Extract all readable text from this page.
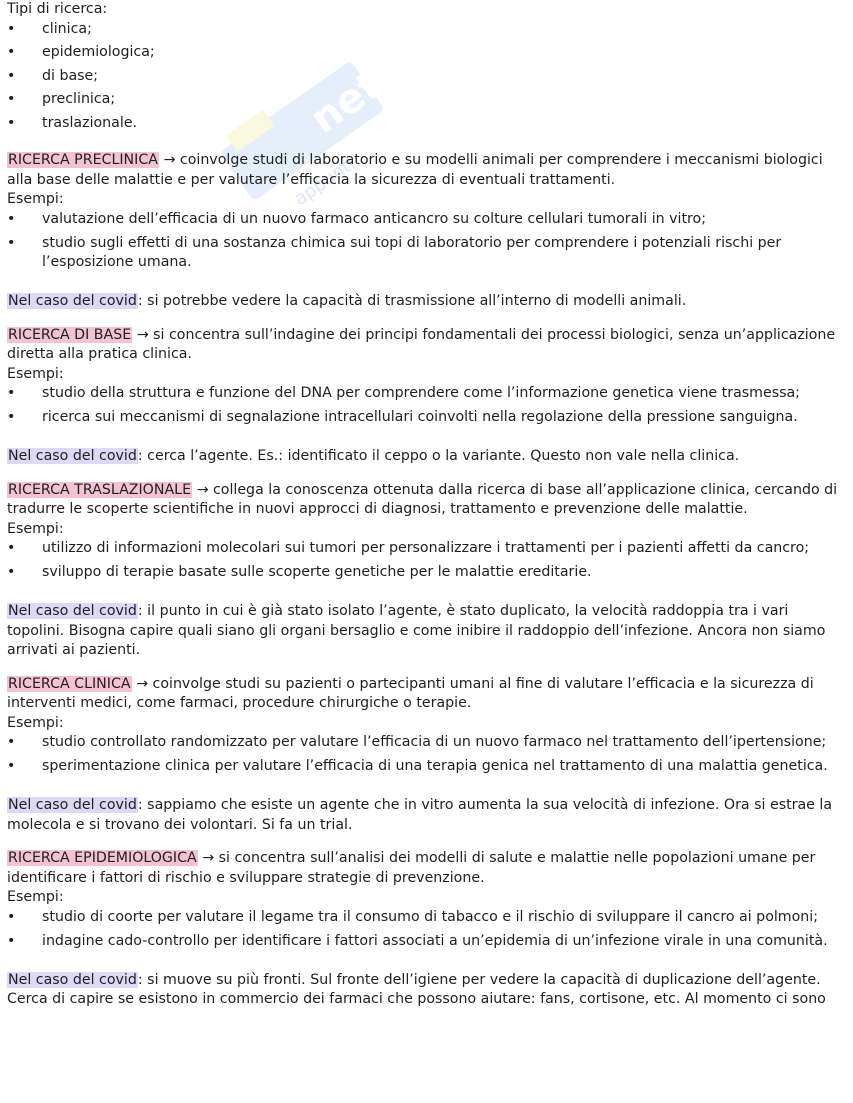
net
appunti

Tipi di ricerca:

• clinica;
• epidemiologica;
• di base;
• preclinica;
• traslazionale.

RICERCA PRECLINICA → coinvolge studi di laboratorio e su modelli animali per comprendere i meccanismi biologici alla base delle malattie e per valutare l’efficacia la sicurezza di eventuali trattamenti.

Esempi:

• valutazione dell’efficacia di un nuovo farmaco anticancro su colture cellulari tumorali in vitro;
• studio sugli effetti di una sostanza chimica sui topi di laboratorio per comprendere i potenziali rischi per l’esposizione umana.

Nel caso del covid: si potrebbe vedere la capacità di trasmissione all’interno di modelli animali.

RICERCA DI BASE → si concentra sull’indagine dei principi fondamentali dei processi biologici, senza un’applicazione diretta alla pratica clinica.

Esempi:

• studio della struttura e funzione del DNA per comprendere come l’informazione genetica viene trasmessa;
• ricerca sui meccanismi di segnalazione intracellulari coinvolti nella regolazione della pressione sanguigna.

Nel caso del covid: cerca l’agente. Es.: identificato il ceppo o la variante. Questo non vale nella clinica.

RICERCA TRASLAZIONALE → collega la conoscenza ottenuta dalla ricerca di base all’applicazione clinica, cercando di tradurre le scoperte scientifiche in nuovi approcci di diagnosi, trattamento e prevenzione delle malattie.

Esempi:

• utilizzo di informazioni molecolari sui tumori per personalizzare i trattamenti per i pazienti affetti da cancro;
• sviluppo di terapie basate sulle scoperte genetiche per le malattie ereditarie.

Nel caso del covid: il punto in cui è già stato isolato l’agente, è stato duplicato, la velocità raddoppia tra i vari topolini. Bisogna capire quali siano gli organi bersaglio e come inibire il raddoppio dell’infezione. Ancora non siamo arrivati ai pazienti.

RICERCA CLINICA → coinvolge studi su pazienti o partecipanti umani al fine di valutare l’efficacia e la sicurezza di interventi medici, come farmaci, procedure chirurgiche o terapie.

Esempi:

• studio controllato randomizzato per valutare l’efficacia di un nuovo farmaco nel trattamento dell’ipertensione;
• sperimentazione clinica per valutare l’efficacia di una terapia genica nel trattamento di una malattia genetica.

Nel caso del covid: sappiamo che esiste un agente che in vitro aumenta la sua velocità di infezione. Ora si estrae la molecola e si trovano dei volontari. Si fa un trial.

RICERCA EPIDEMIOLOGICA → si concentra sull’analisi dei modelli di salute e malattie nelle popolazioni umane per identificare i fattori di rischio e sviluppare strategie di prevenzione.

Esempi:

• studio di coorte per valutare il legame tra il consumo di tabacco e il rischio di sviluppare il cancro ai polmoni;
• indagine cado-controllo per identificare i fattori associati a un’epidemia di un’infezione virale in una comunità.

Nel caso del covid: si muove su più fronti. Sul fronte dell’igiene per vedere la capacità di duplicazione dell’agente. Cerca di capire se esistono in commercio dei farmaci che possono aiutare: fans, cortisone, etc. Al momento ci sono
